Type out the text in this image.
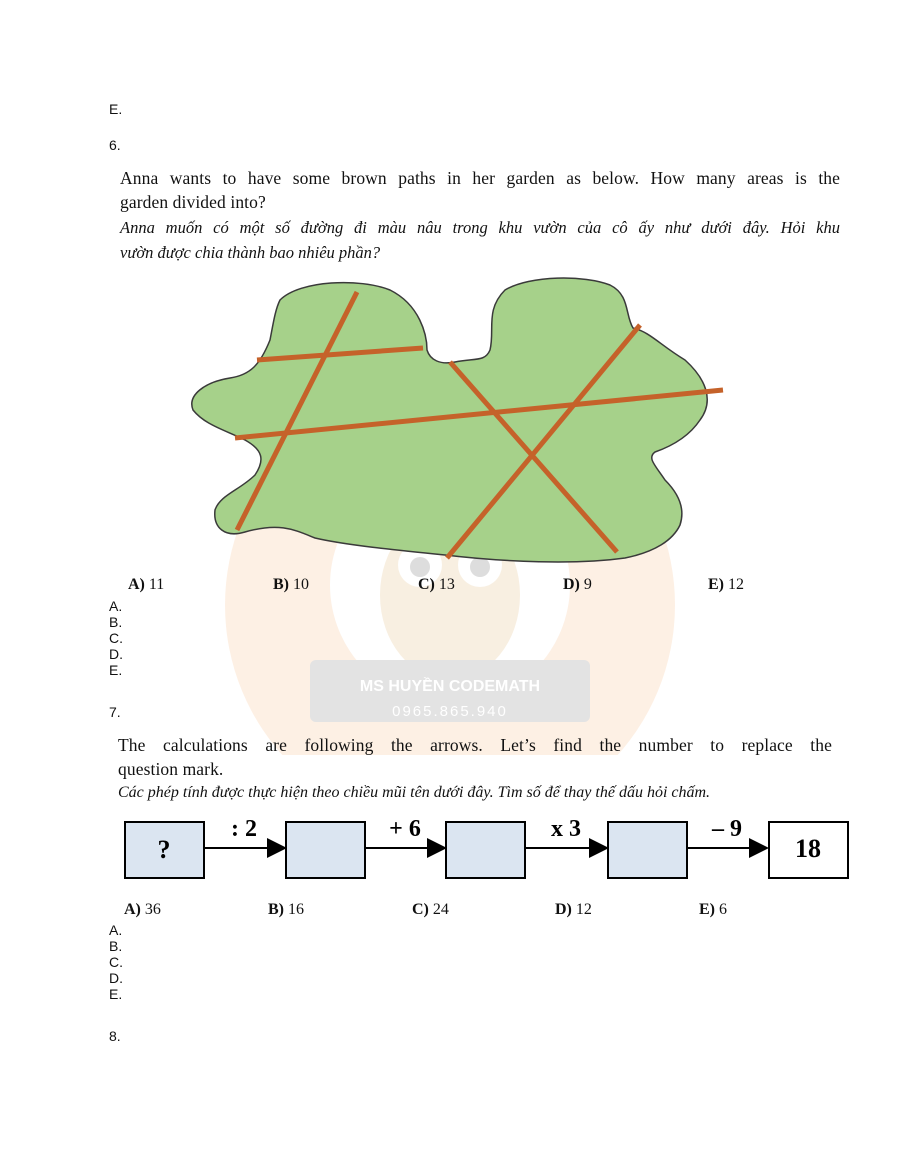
MS HUYỀN CODEMATH
0965.865.940
E.
6.
Anna wants to have some brown paths in her garden as below. How many areas is the
garden divided into?
Anna muốn có một số đường đi màu nâu trong khu vườn của cô ấy như dưới đây. Hỏi khu
vườn được chia thành bao nhiêu phần?
A) 11	B) 10	C) 13	D) 9	E) 12
A.
B.
C.
D.
E.
7.
The calculations are following the arrows. Let’s find the number to replace the
question mark.
Các phép tính được thực hiện theo chiều mũi tên dưới đây. Tìm số để thay thế dấu hỏi chấm.
?
: 2	+ 6	x 3	– 9
18
A) 36	B) 16	C) 24	D) 12	E) 6
A.
B.
C.
D.
E.
8.
